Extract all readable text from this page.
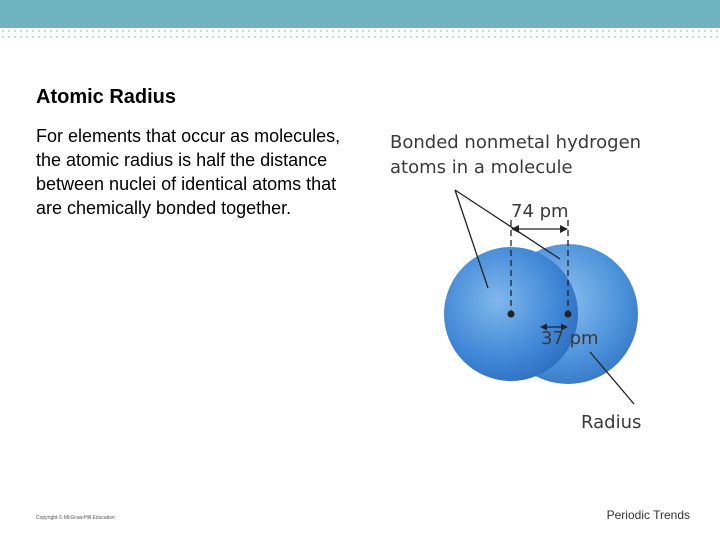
Atomic Radius
For elements that occur as molecules, the atomic radius is half the distance between nuclei of identical atoms that are chemically bonded together.
Bonded nonmetal hydrogen
atoms in a molecule
74 pm
37 pm
Radius
Copyright © McGraw-Hill Education	Periodic Trends
